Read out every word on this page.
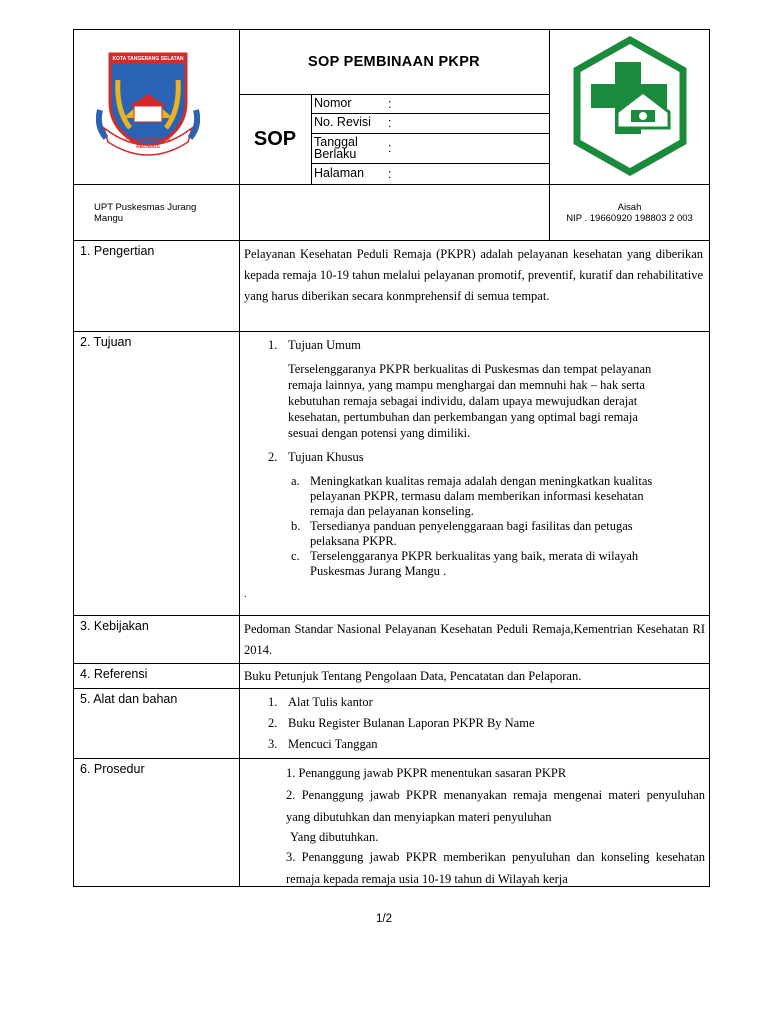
KOTA TANGERANG SELATAN
CERDAS MODERN RELIGIUS
SOP PEMBINAAN PKPR
SOP
Nomor	:
No. Revisi	:
Tanggal Berlaku	:
Halaman	:
UPT Puskesmas Jurang Mangu
Aisah
NIP . 19660920 198803 2 003
1. Pengertian	Pelayanan Kesehatan Peduli Remaja (PKPR) adalah pelayanan kesehatan yang diberikan kepada remaja 10-19 tahun melalui pelayanan promotif, preventif, kuratif dan rehabilitative yang harus diberikan secara konmprehensif di semua tempat.
2. Tujuan	1. Tujuan Umum
Terselenggaranya PKPR berkualitas di Puskesmas dan tempat pelayanan remaja lainnya, yang mampu menghargai dan memnuhi hak – hak serta kebutuhan remaja sebagai individu, dalam upaya mewujudkan derajat kesehatan, pertumbuhan dan perkembangan yang optimal bagi remaja sesuai dengan potensi yang dimiliki.
2. Tujuan Khusus
a. Meningkatkan kualitas remaja adalah dengan meningkatkan kualitas pelayanan PKPR, termasu dalam memberikan informasi kesehatan remaja dan pelayanan konseling.
b. Tersedianya panduan penyelenggaraan bagi fasilitas dan petugas pelaksana PKPR.
c. Terselenggaranya PKPR berkualitas yang baik, merata di wilayah Puskesmas Jurang Mangu .
.
3. Kebijakan	Pedoman Standar Nasional Pelayanan Kesehatan Peduli Remaja,Kementrian Kesehatan RI 2014.
4. Referensi	Buku Petunjuk Tentang Pengolaan Data, Pencatatan dan Pelaporan.
5. Alat dan bahan	1. Alat Tulis kantor
2. Buku Register Bulanan Laporan PKPR By Name
3. Mencuci Tanggan
6. Prosedur	1. Penanggung jawab PKPR menentukan sasaran PKPR
2. Penanggung jawab PKPR menanyakan remaja mengenai materi penyuluhan yang dibutuhkan dan menyiapkan materi penyuluhan
Yang dibutuhkan.
3. Penanggung jawab PKPR memberikan penyuluhan dan konseling kesehatan remaja kepada remaja usia 10-19 tahun di Wilayah kerja
1/2
